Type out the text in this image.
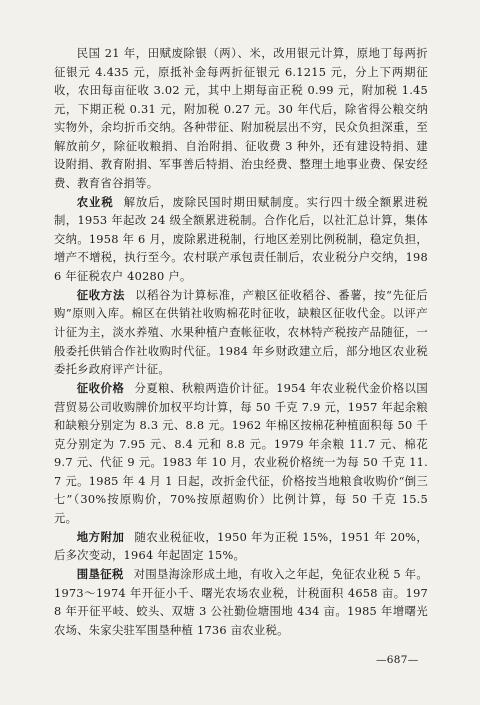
民国 21 年，田赋废除银（两）、米，改用银元计算，原地丁每两折征银元 4.435 元，原抵补金每两折征银元 6.1215 元，分上下两期征收，农田每亩征收 3.02 元，其中上期每亩正税 0.99 元，附加税 1.45 元，下期正税 0.31 元，附加税 0.27 元。30 年代后，除省得公粮交纳实物外，余均折币交纳。各种带征、附加税层出不穷，民众负担深重，至解放前夕，除征收粮捐、自治附捐、征收费 3 种外，还有建设特捐、建设附捐、教育附捐、军事善后特捐、治虫经费、整理土地事业费、保安经费、教育省谷捐等。

农业税 解放后，废除民国时期田赋制度。实行四十级全额累进税制，1953 年起改 24 级全额累进税制。合作化后，以社汇总计算，集体交纳。1958 年 6 月，废除累进税制，行地区差别比例税制，稳定负担，增产不增税，执行至今。农村联产承包责任制后，农业税分户交纳，1986 年征税农户 40280 户。

征收方法 以稻谷为计算标准，产粮区征收稻谷、番薯，按“先征后购”原则入库。棉区在供销社收购棉花时征收，缺粮区征收代金。以评产计征为主，淡水养殖、水果种植户查帐征收，农林特产税按产品随征，一般委托供销合作社收购时代征。1984 年乡财政建立后，部分地区农业税委托乡政府评产计征。

征收价格 分夏粮、秋粮两造价计征。1954 年农业税代金价格以国营贸易公司收购牌价加权平均计算，每 50 千克 7.9 元，1957 年起余粮和缺粮分别定为 8.3 元、8.8 元。1962 年棉区按棉花种植面积每 50 千克分别定为 7.95 元、8.4 元和 8.8 元。1979 年余粮 11.7 元、棉花 9.7 元、代征 9 元。1983 年 10 月，农业税价格统一为每 50 千克 11.7 元。1985 年 4 月 1 日起，改折金代征，价格按当地粮食收购价“倒三七”（30%按原购价，70%按原超购价）比例计算，每 50 千克 15.5 元。

地方附加 随农业税征收，1950 年为正税 15%，1951 年 20%，后多次变动，1964 年起固定 15%。

围垦征税 对围垦海涂形成土地，有收入之年起，免征农业税 5 年。1973～1974 年开征小千、曙光农场农业税，计税面积 4658 亩。1978 年开征平岐、蛟头、双塘 3 公社勤俭塘围地 434 亩。1985 年增曙光农场、朱家尖驻军围垦种植 1736 亩农业税。

—687—
